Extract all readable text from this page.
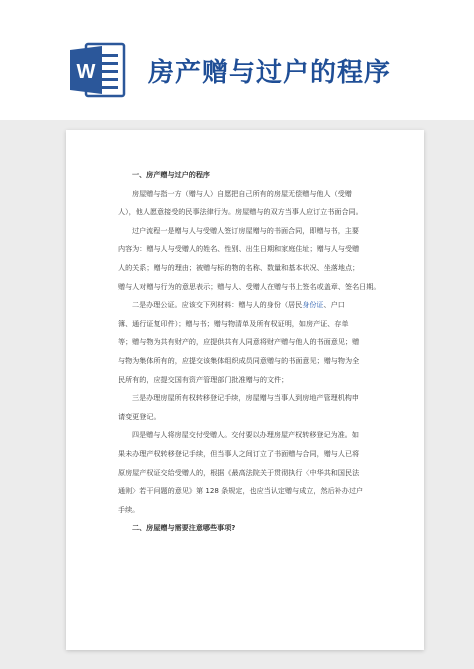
W 房产赠与过户的程序
一、房产赠与过户的程序
房屋赠与指一方（赠与人）自愿把自己所有的房屋无偿赠与他人（受赠
人），他人愿意接受的民事法律行为。房屋赠与的双方当事人应订立书面合同。
过户流程一是赠与人与受赠人签订房屋赠与的书面合同，即赠与书，主要
内容为：赠与人与受赠人的姓名、性别、出生日期和家庭住址；赠与人与受赠
人的关系；赠与的理由；被赠与标的物的名称、数量和基本状况、坐落地点；
赠与人对赠与行为的意思表示；赠与人、受赠人在赠与书上签名或盖章、签名日期。
二是办理公证。应该交下列材料：赠与人的身份（居民身份证、户口
簿、通行证复印件）；赠与书；赠与物清单及所有权证明，如房产证、存单
等；赠与物为共有财产的，应提供共有人同意将财产赠与他人的书面意见；赠
与物为集体所有的，应提交该集体组织成员同意赠与的书面意见；赠与物为全
民所有的，应提交国有资产管理部门批准赠与的文件；
三是办理房屋所有权转移登记手续，房屋赠与当事人到房地产管理机构申
请变更登记。
四是赠与人将房屋交付受赠人。交付要以办理房屋产权转移登记为准。如
果未办理产权转移登记手续，但当事人之间订立了书面赠与合同，赠与人已将
原房屋产权证交给受赠人的，根据《最高法院关于贯彻执行〈中华共和国民法
通则〉若干问题的意见》第 128 条规定，也应当认定赠与成立，然后补办过户
手续。
二、房屋赠与需要注意哪些事项?
